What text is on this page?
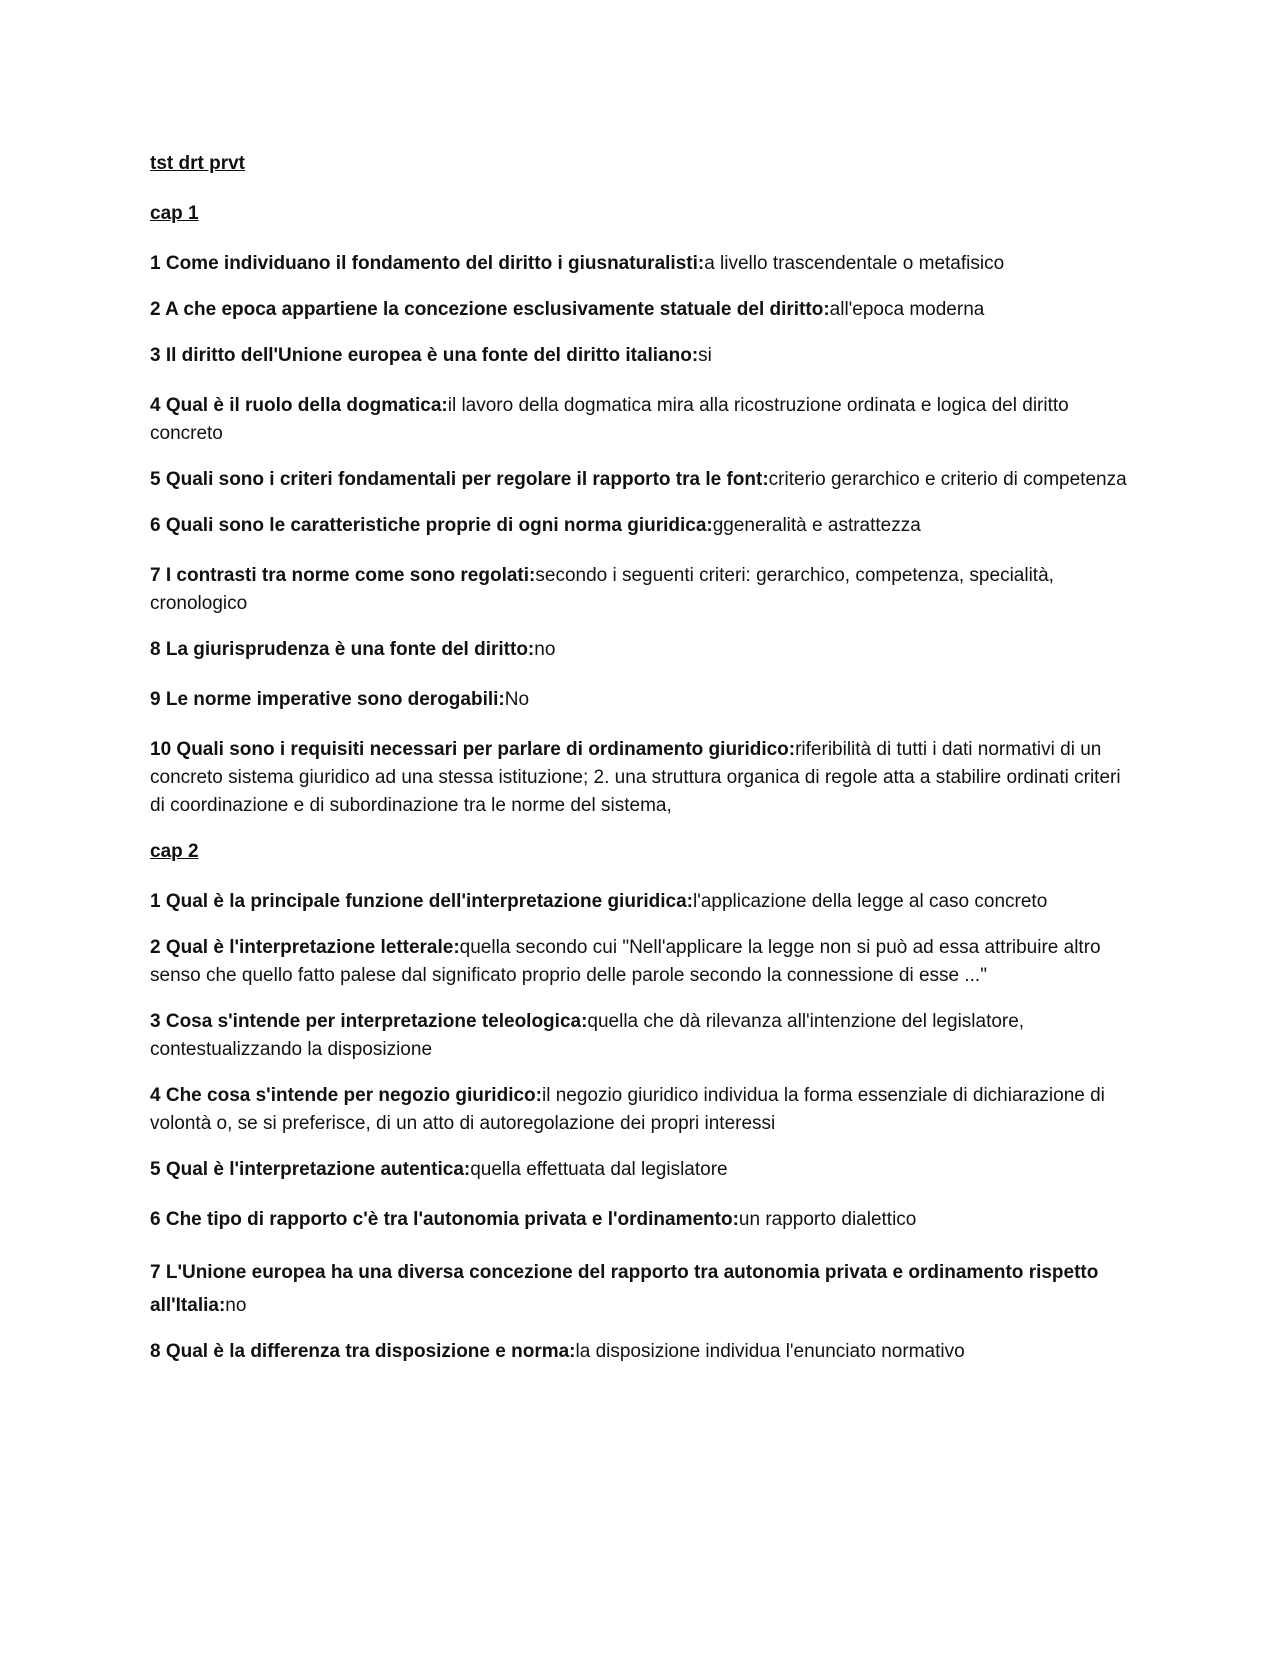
tst drt prvt
cap 1
1 Come individuano il fondamento del diritto i giusnaturalisti:a livello trascendentale o metafisico
2 A che epoca appartiene la concezione esclusivamente statuale del diritto:all'epoca moderna
3 Il diritto dell'Unione europea è una fonte del diritto italiano:si
4 Qual è il ruolo della dogmatica:il lavoro della dogmatica mira alla ricostruzione ordinata e logica del diritto concreto
5 Quali sono i criteri fondamentali per regolare il rapporto tra le font:criterio gerarchico e criterio di competenza
6 Quali sono le caratteristiche proprie di ogni norma giuridica:ggeneralità e astrattezza
7 I contrasti tra norme come sono regolati:secondo i seguenti criteri: gerarchico, competenza, specialità, cronologico
8 La giurisprudenza è una fonte del diritto:no
9 Le norme imperative sono derogabili:No
10 Quali sono i requisiti necessari per parlare di ordinamento giuridico:riferibilità di tutti i dati normativi di un concreto sistema giuridico ad una stessa istituzione; 2. una struttura organica di regole atta a stabilire ordinati criteri di coordinazione e di subordinazione tra le norme del sistema,
cap 2
1 Qual è la principale funzione dell'interpretazione giuridica:l'applicazione della legge al caso concreto
2 Qual è l'interpretazione letterale:quella secondo cui "Nell'applicare la legge non si può ad essa attribuire altro senso che quello fatto palese dal significato proprio delle parole secondo la connessione di esse ..."
3 Cosa s'intende per interpretazione teleologica:quella che dà rilevanza all'intenzione del legislatore, contestualizzando la disposizione
4 Che cosa s'intende per negozio giuridico:il negozio giuridico individua la forma essenziale di dichiarazione di volontà o, se si preferisce, di un atto di autoregolazione dei propri interessi
5 Qual è l'interpretazione autentica:quella effettuata dal legislatore
6 Che tipo di rapporto c'è tra l'autonomia privata e l'ordinamento:un rapporto dialettico
7 L'Unione europea ha una diversa concezione del rapporto tra autonomia privata e ordinamento rispetto all'Italia:no
8 Qual è la differenza tra disposizione e norma:la disposizione individua l'enunciato normativo
